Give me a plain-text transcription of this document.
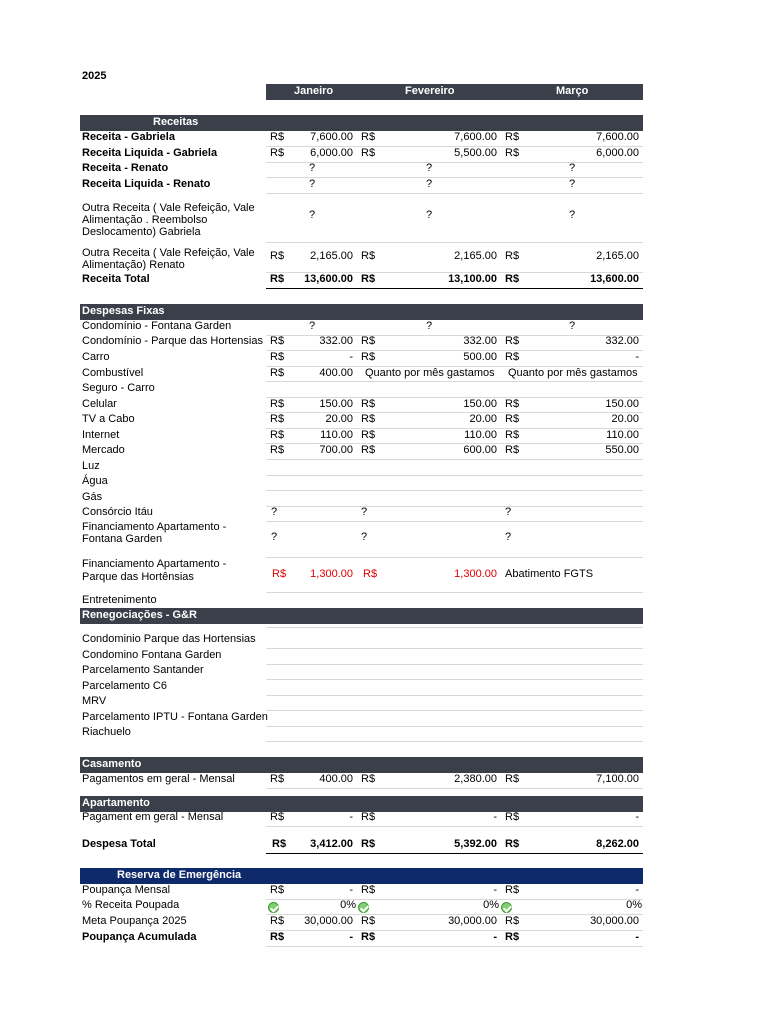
2025
Janeiro	Fevereiro	Março
Receitas
Receita - Gabriela	R$	7,600.00 R$	7,600.00 R$	7,600.00
Receita Liquida - Gabriela	R$	6,000.00 R$	5,500.00 R$	6,000.00
Receita - Renato	?	?	?
Receita Liquida - Renato	?	?	?
Outra Receita ( Vale Refeição, Vale
Alimentação . Reembolso
Deslocamento) Gabriela
?	?	?
Outra Receita ( Vale Refeição, Vale
Alimentação) Renato
R$	2,165.00 R$	2,165.00 R$	2,165.00
Receita Total	R$	13,600.00 R$	13,100.00 R$	13,600.00
Despesas Fixas
Condomínio - Fontana Garden	?	?	?
Condomínio - Parque das Hortensias R$	332.00 R$	332.00 R$	332.00
Carro	R$	- R$	500.00 R$	-
Combustível	R$	400.00 Quanto por mês gastamos Quanto por mês gastamos
Seguro - Carro
Celular	R$	150.00 R$	150.00 R$	150.00
TV a Cabo	R$	20.00 R$	20.00 R$	20.00
Internet	R$	110.00 R$	110.00 R$	110.00
Mercado	R$	700.00 R$	600.00 R$	550.00
Luz
Água
Gás
Consórcio Itáu	?	?	?
Financiamento Apartamento -
Fontana Garden	?	?	?
Financiamento Apartamento -
Parque das Hortênsias	R$	1,300.00 R$	1,300.00 Abatimento FGTS
Entretenimento
Renegociações - G&R
Condominio Parque das Hortensias
Condomino Fontana Garden
Parcelamento Santander
Parcelamento C6
MRV
Parcelamento IPTU - Fontana Garden
Riachuelo
Casamento
Pagamentos em geral - Mensal	R$	400.00 R$	2,380.00 R$	7,100.00
Apartamento
Pagament em geral - Mensal	R$	- R$	- R$	-
Despesa Total	R$	3,412.00 R$	5,392.00 R$	8,262.00
Reserva de Emergência
Poupança Mensal	R$	- R$	- R$	-
% Receita Poupada	0%	0%	0%
Meta Poupança 2025	R$	30,000.00 R$	30,000.00 R$	30,000.00
Poupança Acumulada	R$	- R$	- R$	-
